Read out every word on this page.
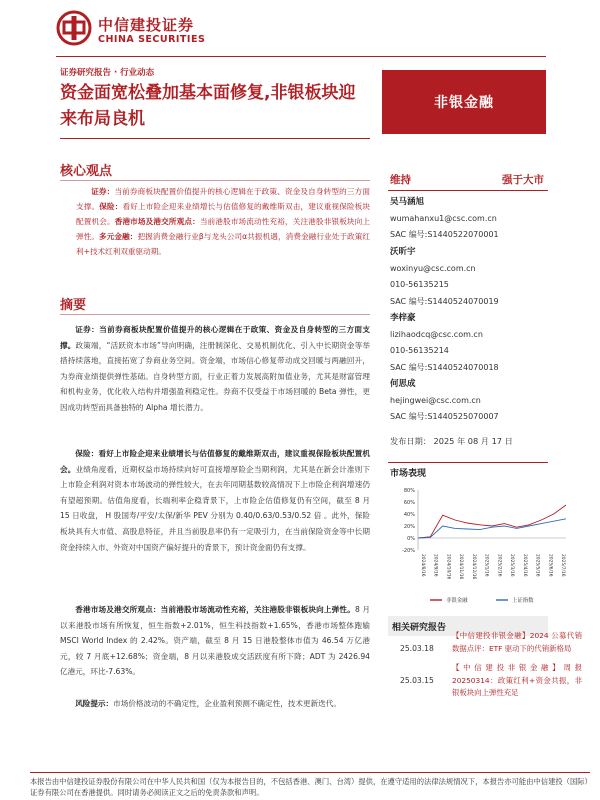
中信建投证券
CHINA SECURITIES
证券研究报告 · 行业动态
资金面宽松叠加基本面修复,非银板块迎来布局良机
非银金融
核心观点
证券：当前券商板块配置价值提升的核心逻辑在于政策、资金及自身转型的三方面支撑。保险：看好上市险企迎来业绩增长与估值修复的戴维斯双击，建议重视保险板块配置机会。香港市场及港交所观点：当前港股市场流动性充裕，关注港股非银板块向上弹性。多元金融：把握消费金融行业β与龙头公司α共振机遇，消费金融行业处于政策红利+技术红利双重驱动期。
摘要
证券：当前券商板块配置价值提升的核心逻辑在于政策、资金及自身转型的三方面支撑。政策端，“活跃资本市场”导向明确，注册制深化、交易机制优化、引入中长期资金等举措持续落地，直接拓宽了券商业务空间。资金端，市场信心修复带动成交回暖与两融回升，为券商业绩提供弹性基础。自身转型方面，行业正着力发展高附加值业务，尤其是财富管理和机构业务，优化收入结构并增强盈利稳定性。券商不仅受益于市场回暖的 Beta 弹性，更因成功转型而具备独特的 Alpha 增长潜力。
保险：看好上市险企迎来业绩增长与估值修复的戴维斯双击，建议重视保险板块配置机会。业绩角度看，近期权益市场持续向好可直接增厚险企当期利润，尤其是在新会计准则下上市险企利润对资本市场波动的弹性较大，在去年同期基数较高情况下上市险企利润增速仍有望超预期。估值角度看，长端利率企稳背景下，上市险企估值修复仍有空间，截至 8 月 15 日收盘， H 股国寿/平安/太保/新华 PEV 分别为 0.40/0.63/0.53/0.52 倍 。此外，保险板块具有大市值、高股息特征，并且当前股息率仍有一定吸引力，在当前保险资金等中长期资金持续入市、外资对中国资产偏好提升的背景下，预计资金面仍有支撑。
香港市场及港交所观点：当前港股市场流动性充裕，关注港股非银板块向上弹性。8 月以来港股市场有所恢复，恒生指数+2.01%，恒生科技指数+1.65%，香港市场整体跑输 MSCI World Index 的 2.42%。资产端，截至 8 月 15 日港股整体市值为 46.54 万亿港元，较 7 月底+12.68%；资金端，8 月以来港股成交活跃度有所下降；ADT 为 2426.94 亿港元，环比-7.63%。
风险提示：市场价格波动的不确定性，企业盈利预测不确定性，技术更新迭代。
维持	强于大市
吴马涵旭
wumahanxu1@csc.com.cn
SAC 编号:S1440522070001
沃昕宇
woxinyu@csc.com.cn
010-56135215
SAC 编号:S1440524070019
李梓豪
lizihaodcq@csc.com.cn
010-56135214
SAC 编号:S1440524070018
何思成
hejingwei@csc.com.cn
SAC 编号:S1440525070007
发布日期： 2025 年 08 月 17 日
市场表现
80%
60%
40%
20%
0%
-20%
2024/8/16 2024/9/16 2024/10/16 2024/11/16 2024/12/16 2025/1/16 2025/2/16 2025/3/16 2025/4/16 2025/5/16 2025/6/16 2025/7/16
非银金融	上证指数
相关研究报告
25.03.18
【中信建投非银金融】2024 公募代销数据点评：ETF 驱动下的代销新格局
25.03.15
【中信建投非银金融】周报 20250314：政策红利+资金共振，非银板块向上弹性充足
本报告由中信建投证券股份有限公司在中华人民共和国（仅为本报告目的，不包括香港、澳门、台湾）提供，在遵守适用的法律法规情况下，本报告亦可能由中信建投（国际）证券有限公司在香港提供。同时请务必阅读正文之后的免责条款和声明。
